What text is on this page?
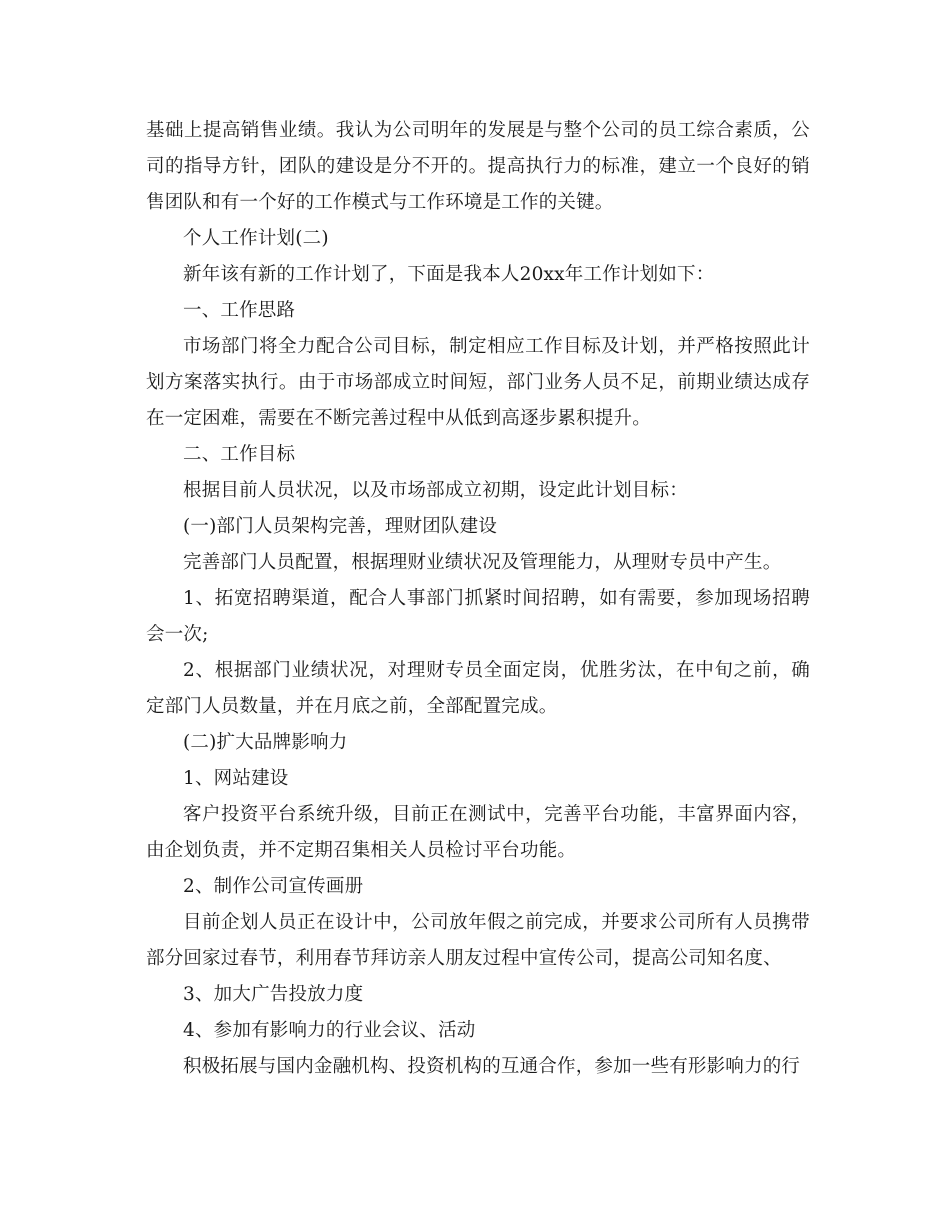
基础上提高销售业绩。我认为公司明年的发展是与整个公司的员工综合素质，公司的指导方针，团队的建设是分不开的。提高执行力的标准，建立一个良好的销售团队和有一个好的工作模式与工作环境是工作的关键。

个人工作计划(二)

新年该有新的工作计划了，下面是我本人20xx年工作计划如下：

一、工作思路

市场部门将全力配合公司目标，制定相应工作目标及计划，并严格按照此计划方案落实执行。由于市场部成立时间短，部门业务人员不足，前期业绩达成存在一定困难，需要在不断完善过程中从低到高逐步累积提升。

二、工作目标

根据目前人员状况，以及市场部成立初期，设定此计划目标：

(一)部门人员架构完善，理财团队建设

完善部门人员配置，根据理财业绩状况及管理能力，从理财专员中产生。

1、拓宽招聘渠道，配合人事部门抓紧时间招聘，如有需要，参加现场招聘会一次;

2、根据部门业绩状况，对理财专员全面定岗，优胜劣汰，在中旬之前，确定部门人员数量，并在月底之前，全部配置完成。

(二)扩大品牌影响力

1、网站建设

客户投资平台系统升级，目前正在测试中，完善平台功能，丰富界面内容，由企划负责，并不定期召集相关人员检讨平台功能。

2、制作公司宣传画册

目前企划人员正在设计中，公司放年假之前完成，并要求公司所有人员携带部分回家过春节，利用春节拜访亲人朋友过程中宣传公司，提高公司知名度、

3、加大广告投放力度

4、参加有影响力的行业会议、活动

积极拓展与国内金融机构、投资机构的互通合作，参加一些有形影响力的行
